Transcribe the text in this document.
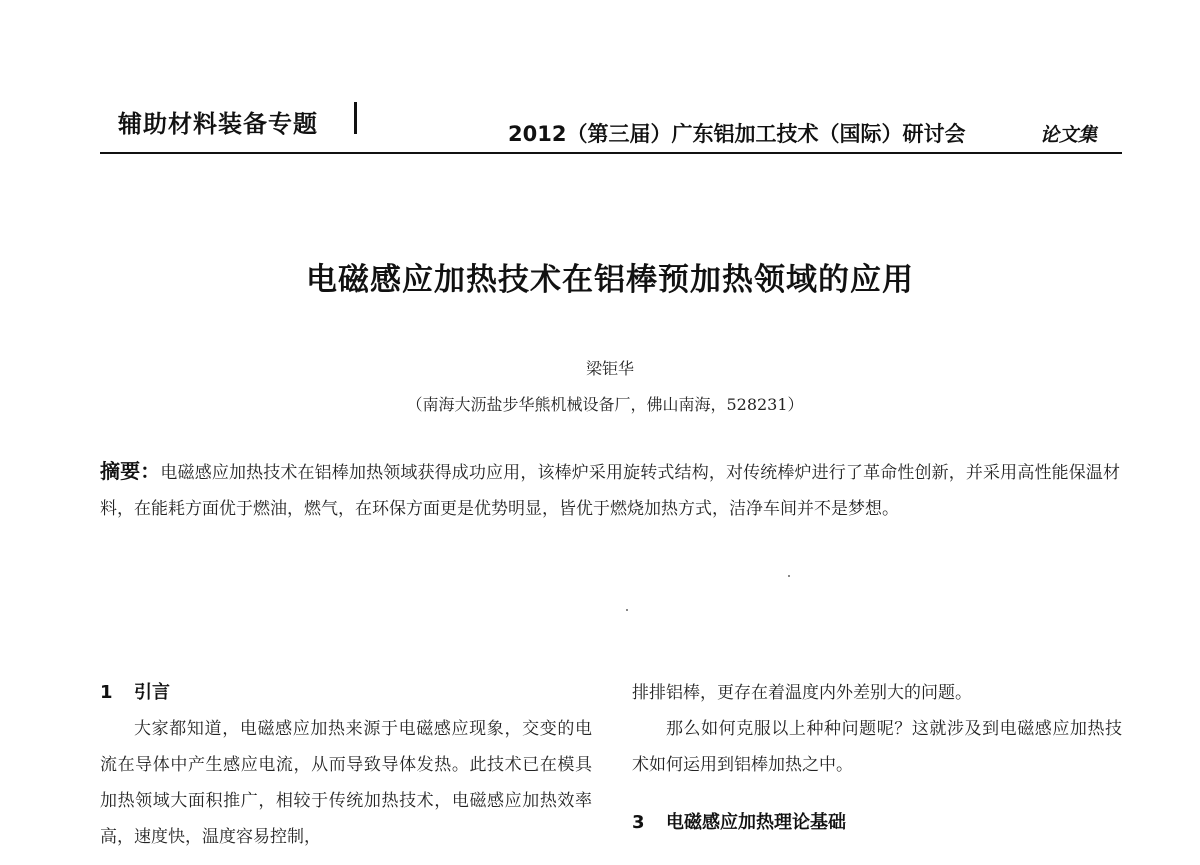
辅助材料装备专题	2012（第三届）广东铝加工技术（国际）研讨会	论文集
电磁感应加热技术在铝棒预加热领域的应用
梁钜华
（南海大沥盐步华熊机械设备厂，佛山南海，528231）
摘要：电磁感应加热技术在铝棒加热领域获得成功应用，该棒炉采用旋转式结构，对传统棒炉进行了革命性创新，并采用高性能保温材料，在能耗方面优于燃油，燃气，在环保方面更是优势明显，皆优于燃烧加热方式，洁净车间并不是梦想。
1 引言

大家都知道，电磁感应加热来源于电磁感应现象，交变的电流在导体中产生感应电流，从而导致导体发热。此技术已在模具加热领域大面积推广，相较于传统加热技术，电磁感应加热效率高，速度快，温度容易控制，

排排铝棒，更存在着温度内外差别大的问题。

那么如何克服以上种种问题呢？这就涉及到电磁感应加热技术如何运用到铝棒加热之中。

3 电磁感应加热理论基础
